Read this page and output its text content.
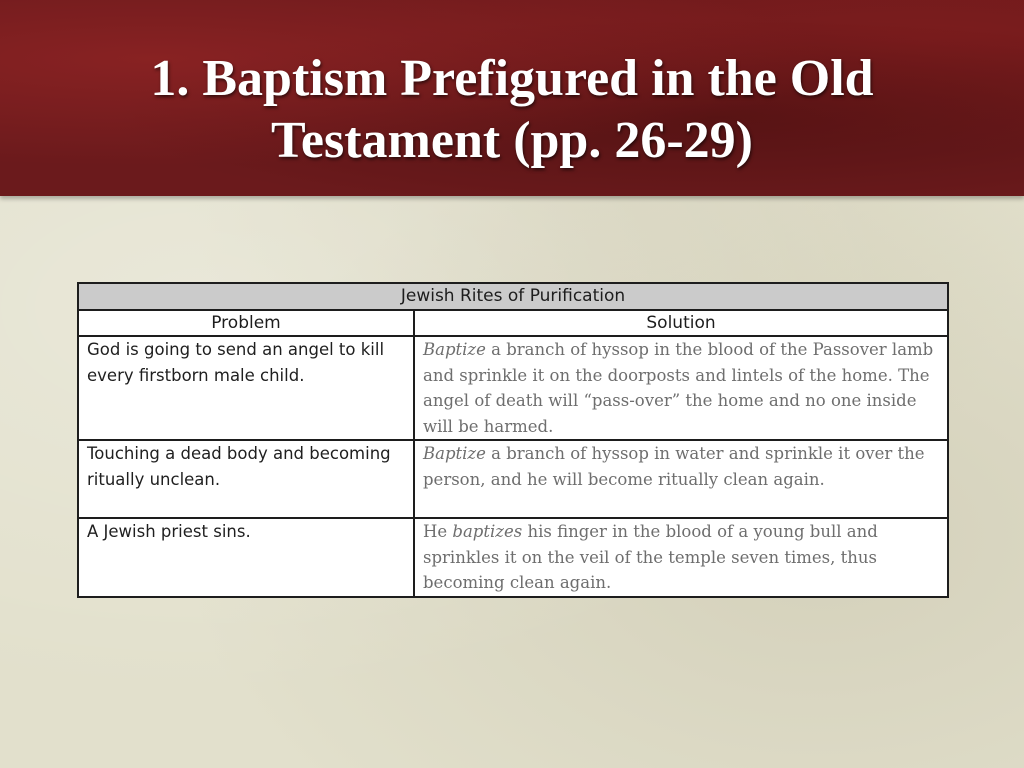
1. Baptism Prefigured in the Old Testament (pp. 26-29)
Jewish Rites of Purification	
Problem	Solution
God is going to send an angel to kill every firstborn male child.	Baptize a branch of hyssop in the blood of the Passover lamb and sprinkle it on the doorposts and lintels of the home. The angel of death will “pass-over” the home and no one inside will be harmed.
Touching a dead body and becoming ritually unclean.	Baptize a branch of hyssop in water and sprinkle it over the person, and he will become ritually clean again.
A Jewish priest sins.	He baptizes his finger in the blood of a young bull and sprinkles it on the veil of the temple seven times, thus becoming clean again.
